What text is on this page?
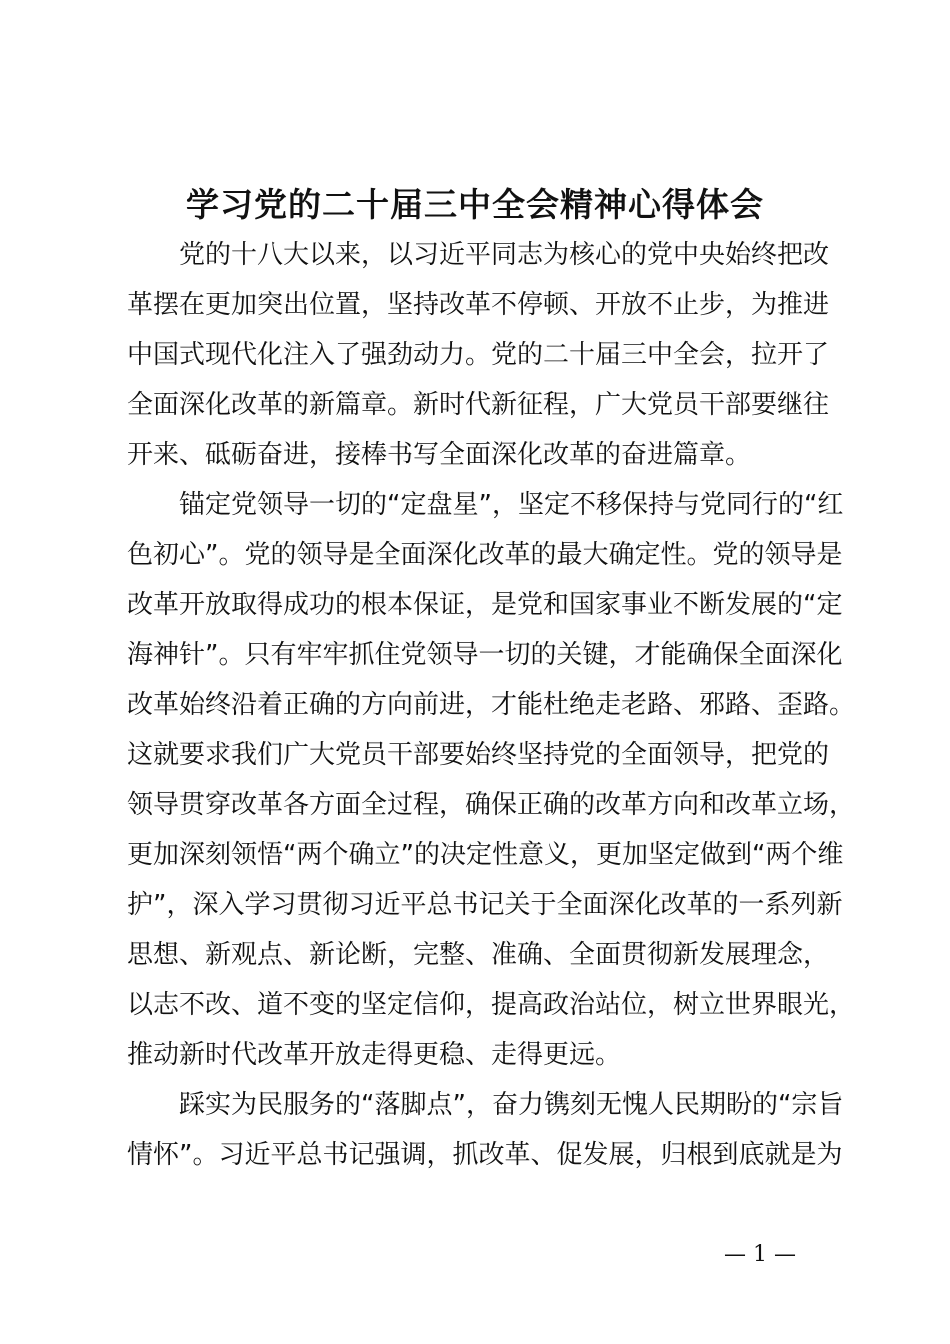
学习党的二十届三中全会精神心得体会
党的十八大以来，以习近平同志为核心的党中央始终把改
革摆在更加突出位置，坚持改革不停顿、开放不止步，为推进
中国式现代化注入了强劲动力。党的二十届三中全会，拉开了
全面深化改革的新篇章。新时代新征程，广大党员干部要继往
开来、砥砺奋进，接棒书写全面深化改革的奋进篇章。
锚定党领导一切的“定盘星”，坚定不移保持与党同行的“红
色初心”。党的领导是全面深化改革的最大确定性。党的领导是
改革开放取得成功的根本保证，是党和国家事业不断发展的“定
海神针”。只有牢牢抓住党领导一切的关键，才能确保全面深化
改革始终沿着正确的方向前进，才能杜绝走老路、邪路、歪路。
这就要求我们广大党员干部要始终坚持党的全面领导，把党的
领导贯穿改革各方面全过程，确保正确的改革方向和改革立场，
更加深刻领悟“两个确立”的决定性意义，更加坚定做到“两个维
护”，深入学习贯彻习近平总书记关于全面深化改革的一系列新
思想、新观点、新论断，完整、准确、全面贯彻新发展理念，
以志不改、道不变的坚定信仰，提高政治站位，树立世界眼光，
推动新时代改革开放走得更稳、走得更远。
踩实为民服务的“落脚点”，奋力镌刻无愧人民期盼的“宗旨
情怀”。习近平总书记强调，抓改革、促发展，归根到底就是为
— 1 —
